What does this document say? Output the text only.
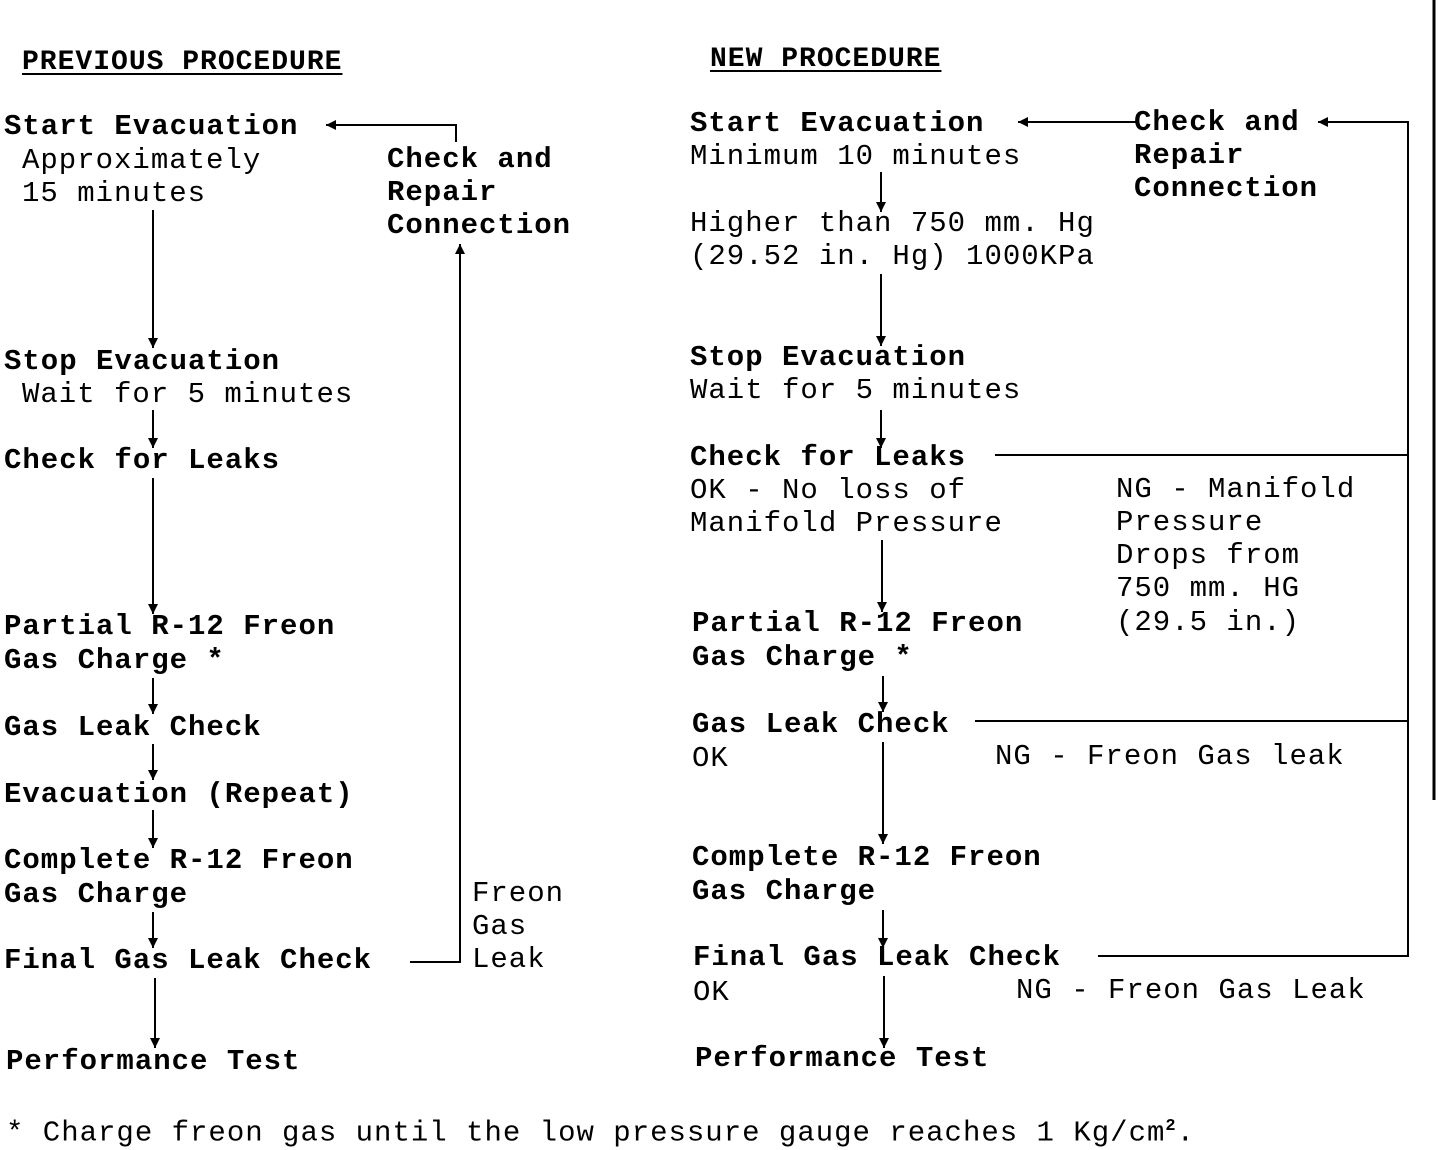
PREVIOUS PROCEDURE
Start Evacuation
Approximately
15 minutes
Check and
Repair
Connection
Stop Evacuation
Wait for 5 minutes
Check for Leaks
Partial R-12 Freon
Gas Charge *
Gas Leak Check
Evacuation (Repeat)
Complete R-12 Freon
Gas Charge
Final Gas Leak Check
Freon
Gas
Leak
Performance Test
NEW PROCEDURE
Start Evacuation
Minimum 10 minutes
Check and
Repair
Connection
Higher than 750 mm. Hg
(29.52 in. Hg) 1000KPa
Stop Evacuation
Wait for 5 minutes
Check for Leaks
OK - No loss of
Manifold Pressure
NG - Manifold
Pressure
Drops from
750 mm. HG
(29.5 in.)
Partial R-12 Freon
Gas Charge *
Gas Leak Check
OK	NG - Freon Gas leak
Complete R-12 Freon
Gas Charge
Final Gas Leak Check
OK	NG - Freon Gas Leak
Performance Test
* Charge freon gas until the low pressure gauge reaches 1 $Kg/cm^2$.
